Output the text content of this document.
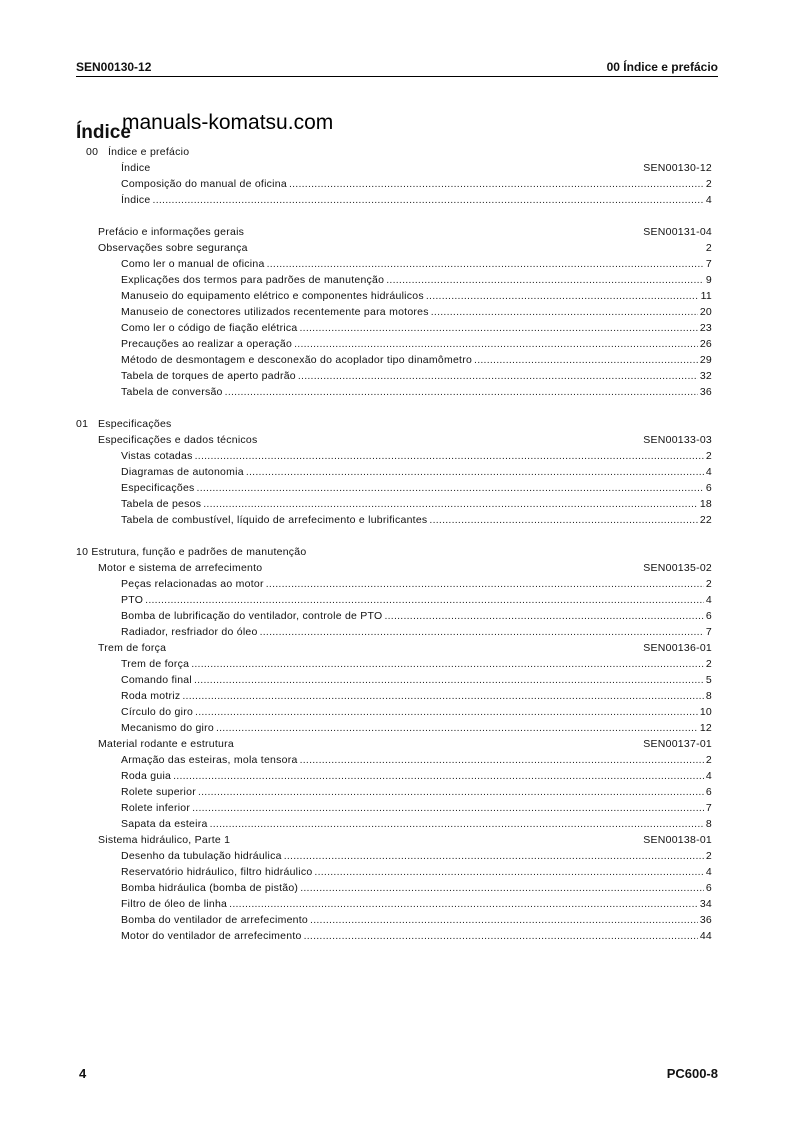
SEN00130-12	00 Índice e prefácio
Índice
manuals-komatsu.com
00 Índice e prefácio
Índice	SEN00130-12
Composição do manual de oficina .....	2
Índice .....	4
Prefácio e informações gerais	SEN00131-04
Observações sobre segurança	2
Como ler o manual de oficina .....	7
Explicações dos termos para padrões de manutenção .....	9
Manuseio do equipamento elétrico e componentes hidráulicos .....	11
Manuseio de conectores utilizados recentemente para motores .....	20
Como ler o código de fiação elétrica .....	23
Precauções ao realizar a operação .....	26
Método de desmontagem e desconexão do acoplador tipo dinamômetro .....	29
Tabela de torques de aperto padrão .....	32
Tabela de conversão .....	36
01 Especificações
Especificações e dados técnicos	SEN00133-03
Vistas cotadas .....	2
Diagramas de autonomia .....	4
Especificações .....	6
Tabela de pesos .....	18
Tabela de combustível, líquido de arrefecimento e lubrificantes .....	22
10 Estrutura, função e padrões de manutenção
Motor e sistema de arrefecimento	SEN00135-02
Peças relacionadas ao motor .....	2
PTO .....	4
Bomba de lubrificação do ventilador, controle de PTO .....	6
Radiador, resfriador do óleo .....	7
Trem de força	SEN00136-01
Trem de força .....	2
Comando final .....	5
Roda motriz .....	8
Círculo do giro .....	10
Mecanismo do giro .....	12
Material rodante e estrutura	SEN00137-01
Armação das esteiras, mola tensora .....	2
Roda guia .....	4
Rolete superior .....	6
Rolete inferior .....	7
Sapata da esteira .....	8
Sistema hidráulico, Parte 1	SEN00138-01
Desenho da tubulação hidráulica .....	2
Reservatório hidráulico, filtro hidráulico .....	4
Bomba hidráulica (bomba de pistão) .....	6
Filtro de óleo de linha .....	34
Bomba do ventilador de arrefecimento .....	36
Motor do ventilador de arrefecimento .....	44
4	PC600-8
